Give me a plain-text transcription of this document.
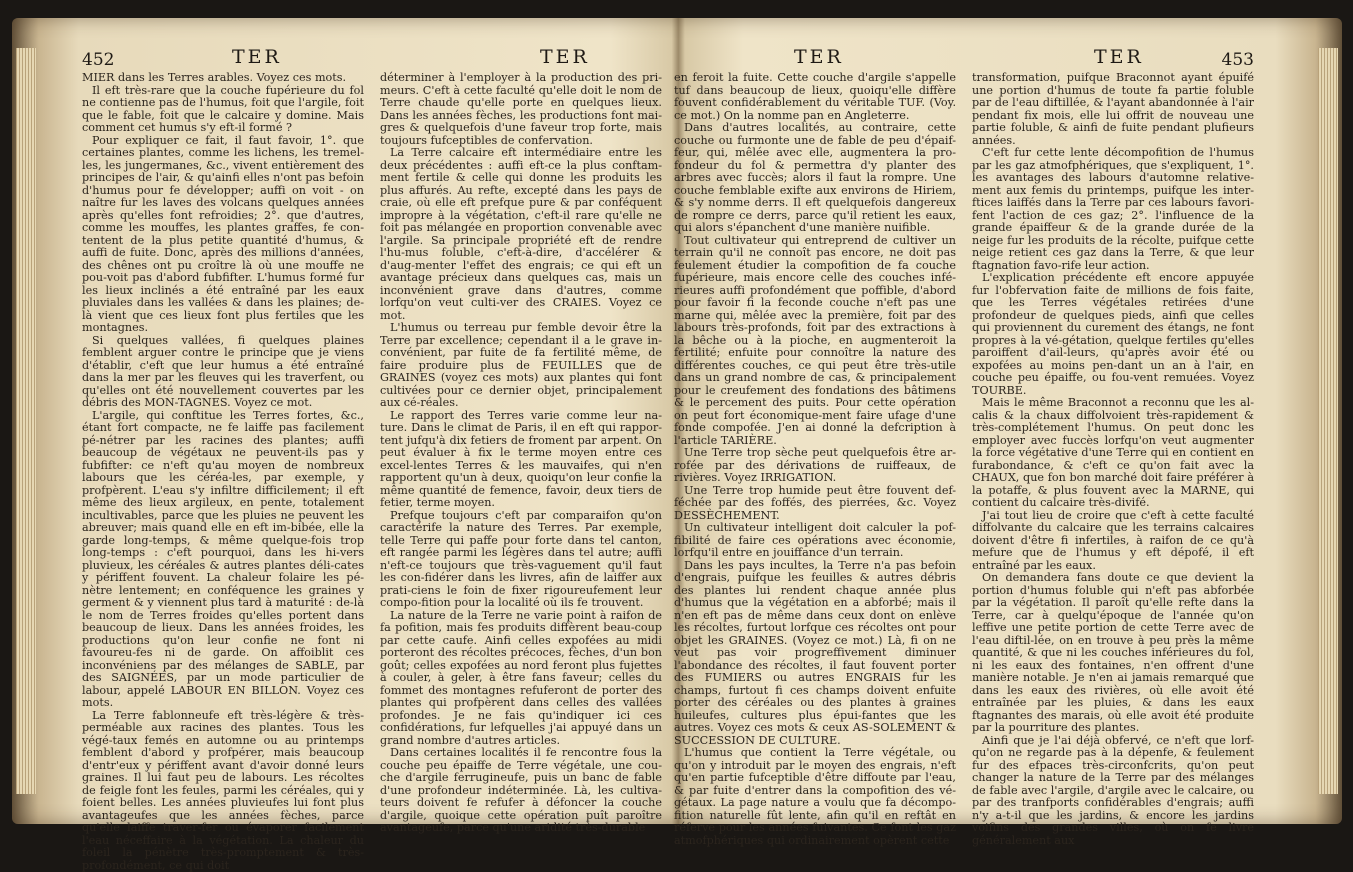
452	TER	TER

MIER dans les Terres arables. Voyez ces mots.

Il eft très-rare que la couche fupérieure du fol ne contienne pas de l'humus, foit que l'argile, foit que le fable, foit que le calcaire y domine. Mais comment cet humus s'y eft-il formé ?

Pour expliquer ce fait, il faut favoir, 1°. que certaines plantes, comme les lichens, les tremel-les, les jungermanes, &c., vivent entièrement des principes de l'air, & qu'ainfi elles n'ont pas befoin d'humus pour fe développer; auffi on voit - on naître fur les laves des volcans quelques années après qu'elles font refroidies; 2°. que d'autres, comme les mouffes, les plantes graffes, fe con-tentent de la plus petite quantité d'humus, & auffi de fuite. Donc, après des millions d'années, des chênes ont pu croître là où une mouffe ne pou-voit pas d'abord fubfifter. L'humus formé fur les lieux inclinés a été entraîné par les eaux pluviales dans les vallées & dans les plaines; de-là vient que ces lieux font plus fertiles que les montagnes.

Si quelques vallées, fi quelques plaines femblent arguer contre le principe que je viens d'établir, c'eft que leur humus a été entraîné dans la mer par les fleuves qui les traverfent, ou qu'elles ont été nouvellement couvertes par les débris des MON-TAGNES. Voyez ce mot.

L'argile, qui conftitue les Terres fortes, &c., étant fort compacte, ne fe laiffe pas facilement pé-nétrer par les racines des plantes; auffi beaucoup de végétaux ne peuvent-ils pas y fubfifter: ce n'eft qu'au moyen de nombreux labours que les céréa-les, par exemple, y profpèrent. L'eau s'y infiltre difficilement; il eft même des lieux argileux, en pente, totalement incultivables, parce que les pluies ne peuvent les abreuver; mais quand elle en eft im-bibée, elle la garde long-temps, & même quelque-fois trop long-temps : c'eft pourquoi, dans les hi-vers pluvieux, les céréales & autres plantes déli-cates y périffent fouvent. La chaleur folaire les pé-nètre lentement; en conféquence les graines y germent & y viennent plus tard à maturité : de-là le nom de Terres froides qu'elles portent dans beaucoup de lieux. Dans les années froides, les productions qu'on leur confie ne font ni favoureu-fes ni de garde. On affoiblit ces inconvéniens par des mélanges de SABLE, par des SAIGNÉES, par un mode particulier de labour, appelé LABOUR EN BILLON. Voyez ces mots.

La Terre fablonneufe eft très-légère & très-perméable aux racines des plantes. Tous les végé-taux femés en automne ou au printemps femblent d'abord y profpérer, mais beaucoup d'entr'eux y périffent avant d'avoir donné leurs graines. Il lui faut peu de labours. Les récoltes de feigle font les feules, parmi les céréales, qui y foient belles. Les années pluvieufes lui font plus avantageufes que les années fèches, parce qu'elle laiffe traver-fer ou évaporer facilement l'eau néceffaire à la végétation. La chaleur du foleil la pénètre très-promptement & très-profondément, ce qui doit

déterminer à l'employer à la production des pri-meurs. C'eft à cette faculté qu'elle doit le nom de Terre chaude qu'elle porte en quelques lieux. Dans les années fèches, les productions font mai-gres & quelquefois d'une faveur trop forte, mais toujours fufceptibles de confervation.

La Terre calcaire eft intermédiaire entre les deux précédentes : auffi eft-ce la plus conftam-ment fertile & celle qui donne les produits les plus affurés. Au refte, excepté dans les pays de craie, où elle eft prefque pure & par conféquent impropre à la végétation, c'eft-il rare qu'elle ne foit pas mélangée en proportion convenable avec l'argile. Sa principale propriété eft de rendre l'hu-mus foluble, c'eft-à-dire, d'accélérer & d'aug-menter l'effet des engrais; ce qui eft un avantage précieux dans quelques cas, mais un inconvénient grave dans d'autres, comme lorfqu'on veut culti-ver des CRAIES. Voyez ce mot.

L'humus ou terreau pur femble devoir être la Terre par excellence; cependant il a le grave in-convénient, par fuite de fa fertilité même, de faire produire plus de FEUILLES que de GRAINES (voyez ces mots) aux plantes qui font cultivées pour ce dernier objet, principalement aux cé-réales.

Le rapport des Terres varie comme leur na-ture. Dans le climat de Paris, il en eft qui rappor-tent jufqu'à dix fetiers de froment par arpent. On peut évaluer à fix le terme moyen entre ces excel-lentes Terres & les mauvaifes, qui n'en rapportent qu'un à deux, quoiqu'on leur confie la même quantité de femence, favoir, deux tiers de fetier, terme moyen.

Prefque toujours c'eft par comparaifon qu'on caractérife la nature des Terres. Par exemple, telle Terre qui paffe pour forte dans tel canton, eft rangée parmi les légères dans tel autre; auffi n'eft-ce toujours que très-vaguement qu'il faut les con-fidérer dans les livres, afin de laiffer aux prati-ciens le foin de fixer rigoureufement leur compo-fition pour la localité où ils fe trouvent.

La nature de la Terre ne varie point à raifon de fa pofition, mais fes produits diffèrent beau-coup par cette caufe. Ainfi celles expofées au midi porteront des récoltes précoces, fèches, d'un bon goût; celles expofées au nord feront plus fujettes à couler, à geler, à être fans faveur; celles du fommet des montagnes refuferont de porter des plantes qui profpèrent dans celles des vallées profondes. Je ne fais qu'indiquer ici ces confidérations, fur lefquelles j'ai appuyé dans un grand nombre d'autres articles.

Dans certaines localités il fe rencontre fous la couche peu épaiffe de Terre végétale, une cou-che d'argile ferrugineufe, puis un banc de fable d'une profondeur indéterminée. Là, les cultiva-teurs doivent fe refufer à défoncer la couche d'argile, quoique cette opération puît paroître avantageufe, parce qu'une aridité très-durable

TER	TER	453

en feroit la fuite. Cette couche d'argile s'appelle tuf dans beaucoup de lieux, quoiqu'elle diffère fouvent confidérablement du véritable TUF. (Voy. ce mot.) On la nomme pan en Angleterre.

Dans d'autres localités, au contraire, cette couche ou furmonte une de fable de peu d'épaif-feur, qui, mêlée avec elle, augmentera la pro-fondeur du fol & permettra d'y planter des arbres avec fuccès; alors il faut la rompre. Une couche femblable exifte aux environs de Hiriem, & s'y nomme derrs. Il eft quelquefois dangereux de rompre ce derrs, parce qu'il retient les eaux, qui alors s'épanchent d'une manière nuifible.

Tout cultivateur qui entreprend de cultiver un terrain qu'il ne connoît pas encore, ne doit pas feulement étudier la compofition de fa couche fupérieure, mais encore celle des couches infé-rieures auffi profondément que poffible, d'abord pour favoir fi la feconde couche n'eft pas une marne qui, mêlée avec la première, foit par des labours très-profonds, foit par des extractions à la bêche ou à la pioche, en augmenteroit la fertilité; enfuite pour connoître la nature des différentes couches, ce qui peut être très-utile dans un grand nombre de cas, & principalement pour le creufement des fondations des bâtimens & le percement des puits. Pour cette opération on peut fort économique-ment faire ufage d'une fonde compofée. J'en ai donné la defcription à l'article TARIÈRE.

Une Terre trop sèche peut quelquefois être ar-rofée par des dérivations de ruiffeaux, de rivières. Voyez IRRIGATION.

Une Terre trop humide peut être fouvent def-féchée par des foffés, des pierrées, &c. Voyez DESSÈCHEMENT.

Un cultivateur intelligent doit calculer la pof-fibilité de faire ces opérations avec économie, lorfqu'il entre en jouiffance d'un terrain.

Dans les pays incultes, la Terre n'a pas befoin d'engrais, puifque les feuilles & autres débris des plantes lui rendent chaque année plus d'humus que la végétation en a abforbé; mais il n'en eft pas de même dans ceux dont on enlève les récoltes, furtout lorfque ces récoltes ont pour objet les GRAINES. (Voyez ce mot.) Là, fi on ne veut pas voir progreffivement diminuer l'abondance des récoltes, il faut fouvent porter des FUMIERS ou autres ENGRAIS fur les champs, furtout fi ces champs doivent enfuite porter des céréales ou des plantes à graines huileufes, cultures plus épui-fantes que les autres. Voyez ces mots & ceux AS-SOLEMENT & SUCCESSION DE CULTURE.

L'humus que contient la Terre végétale, ou qu'on y introduit par le moyen des engrais, n'eft qu'en partie fufceptible d'être diffoute par l'eau, & par fuite d'entrer dans la compofition des vé-gétaux. La page nature a voulu que fa décompo-fition naturelle fût lente, afin qu'il en reftât en réferve pour les années fuivantes. Ce font les gaz atmofphériques qui ordinairement opèrent cette

transformation, puifque Braconnot ayant épuifé une portion d'humus de toute fa partie foluble par de l'eau diftillée, & l'ayant abandonnée à l'air pendant fix mois, elle lui offrit de nouveau une partie foluble, & ainfi de fuite pendant plufieurs années.

C'eft fur cette lente décompofition de l'humus par les gaz atmofphériques, que s'expliquent, 1°. les avantages des labours d'automne relative-ment aux femis du printemps, puifque les inter-ftices laiffés dans la Terre par ces labours favori-fent l'action de ces gaz; 2°. l'influence de la grande épaiffeur & de la grande durée de la neige fur les produits de la récolte, puifque cette neige retient ces gaz dans la Terre, & que leur ftagnation favo-rife leur action.

L'explication précédente eft encore appuyée fur l'obfervation faite de millions de fois faite, que les Terres végétales retirées d'une profondeur de quelques pieds, ainfi que celles qui proviennent du curement des étangs, ne font propres à la vé-gétation, quelque fertiles qu'elles paroiffent d'ail-leurs, qu'après avoir été ou expofées au moins pen-dant un an à l'air, en couche peu épaiffe, ou fou-vent remuées. Voyez TOURBE.

Mais le même Braconnot a reconnu que les al-calis & la chaux diffolvoient très-rapidement & très-complétement l'humus. On peut donc les employer avec fuccès lorfqu'on veut augmenter la force végétative d'une Terre qui en contient en furabondance, & c'eft ce qu'on fait avec la CHAUX, que fon bon marché doit faire préférer à la potaffe, & plus fouvent avec la MARNE, qui contient du calcaire très-divifé.

J'ai tout lieu de croire que c'eft à cette faculté diffolvante du calcaire que les terrains calcaires doivent d'être fi infertiles, à raifon de ce qu'à mefure que de l'humus y eft dépofé, il eft entraîné par les eaux.

On demandera fans doute ce que devient la portion d'humus foluble qui n'eft pas abforbée par la végétation. Il paroît qu'elle refte dans la Terre, car à quelqu'époque de l'année qu'on leffive une petite portion de cette Terre avec de l'eau diftil-lée, on en trouve à peu près la même quantité, & que ni les couches inférieures du fol, ni les eaux des fontaines, n'en offrent d'une manière notable. Je n'en ai jamais remarqué que dans les eaux des rivières, où elle avoit été entraînée par les pluies, & dans les eaux ftagnantes des marais, où elle avoit été produite par la pourriture des plantes.

Ainfi que je l'ai déjà obfervé, ce n'eft que lorf-qu'on ne regarde pas à la dépenfe, & feulement fur des efpaces très-circonfcrits, qu'on peut changer la nature de la Terre par des mélanges de fable avec l'argile, d'argile avec le calcaire, ou par des tranfports confidérables d'engrais; auffi n'y a-t-il que les jardins, & encore les jardins voifins des grandes villes, où on fe livre généralement aux
